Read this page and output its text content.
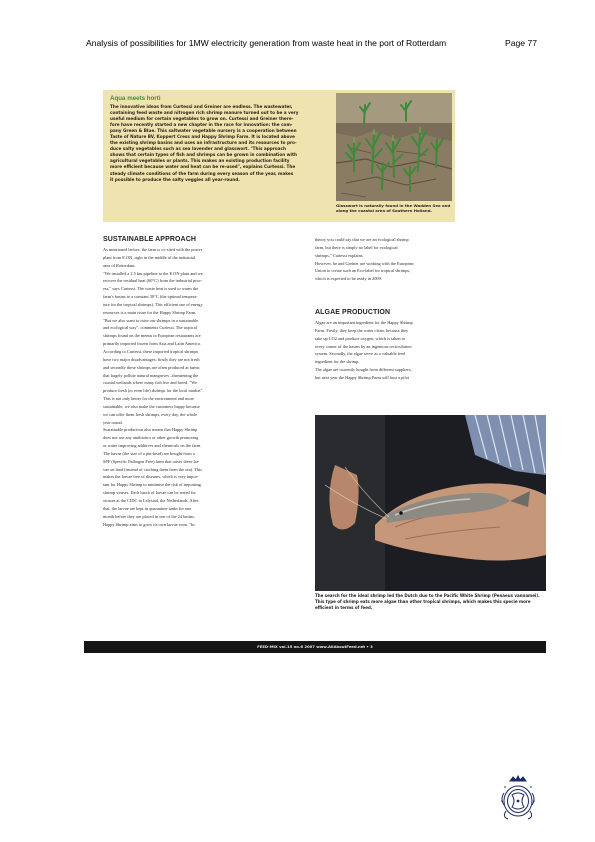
Analysis of possibilities for 1MW electricity generation from waste heat in the port of Rotterdam	Page 77
Aqua meets horti
The innovative ideas from Curtessi and Greiner are endless. The wastewater,
containing feed waste and nitrogen rich shrimp manure turned out to be a very
useful medium for certain vegetables to grow on. Curtessi and Greiner there-
fore have recently started a new chapter in the race for innovation: the com-
pany Green & Blue. This saltwater vegetable nursery is a cooperation between
Taste of Nature BV, Koppert Cress and Happy Shrimp Farm. It is located above
the existing shrimp basins and uses an infrastructure and its resources to pro-
duce salty vegetables such as sea lavender and glasswort. "This approach
shows that certain types of fish and shrimps can be grown in combination with
agricultural vegetables or plants. This makes an existing production facility
more efficient because water and heat can be re-used", explains Curtessi. The
steady climate conditions of the farm during every season of the year, makes
it possible to produce the salty veggies all year-round.
Glasswort is naturally found in the Wadden Sea and along the coastal area of Southern Holland.
SUSTAINABLE APPROACH
As mentioned before, the farm is co-sited with the power
plant from E.ON, right in the middle of the industrial
area of Rotterdam.
"We installed a 2.5 km pipeline to the E.ON plant and we
recover the residual heat (60°C) from the industrial proc-
ess," says Curtessi. The waste heat is used to warm the
farm's basins to a constant 30°C (the optimal tempera-
ture for the tropical shrimps). This efficient use of energy
resources is a main issue for the Happy Shrimp Farm.
"But we also want to raise our shrimps in a sustainable
and ecological way", comments Curtessi. The tropical
shrimps found on the menus in European restaurants are
primarily imported frozen from Asia and Latin America.
According to Curtessi, these imported tropical shrimps
have two major disadvantages; firstly they are not fresh
and secondly these shrimps are often produced at farms
that largely pollute natural mangroves –threatening the
coastal wetlands where many fish live and breed. "We
produce fresh (or even life) shrimps for the local market".
This is not only better for the environment and more
sustainable; we also make the customers happy because
we can offer them fresh shrimps, every day, the whole
year round.
Sustainable production also means that Happy Shrimp
does not use any antibiotics or other growth promoting
or water improving additives and chemicals on the farm.
The larvae (the size of a pin-head) are bought from a
SPF (Specific Pathogen Free) farm that raises these lar-
vae on land (instead of catching them from the sea). This
makes the larvae free of diseases, which is very impor-
tant for Happy Shrimp to minimise the risk of importing
shrimp viruses. Each batch of larvae can be tested for
viruses at the CIDC in Lelystad, the Netherlands. After
that, the larvae are kept in quarantine tanks for one
month before they are placed in one of the 24 basins.
Happy Shrimp aims to grow its own larvae soon. "In
theory you could say that we are an ecological shrimp
farm, but there is simply no label for ecological
shrimps," Curtessi explains.
However, he and Greiner are working with the European
Union to create such an Eco-label for tropical shrimps,
which is expected to be ready in 2009.
ALGAE PRODUCTION
Algae are an important ingredient for the Happy Shrimp
Farm. Firstly, they keep the water clean, because they
take up CO2 and produce oxygen, which is taken to
every corner of the basins by an ingenious recirculation
system. Secondly, the algae serve as a valuable feed
ingredient for the shrimp.
The algae are currently bought from different suppliers,
but next year the Happy Shrimp Farm will host a pilot
The search for the ideal shrimp led the Dutch duo to the Pacific White Shrimp (Penaeus vannamei). This type of shrimp eats more algae than other tropical shrimps, which makes this specie more efficient in terms of feed.
FEED-MIX vol.15 no.6 2007 www.AllAboutFeed.net • 3
